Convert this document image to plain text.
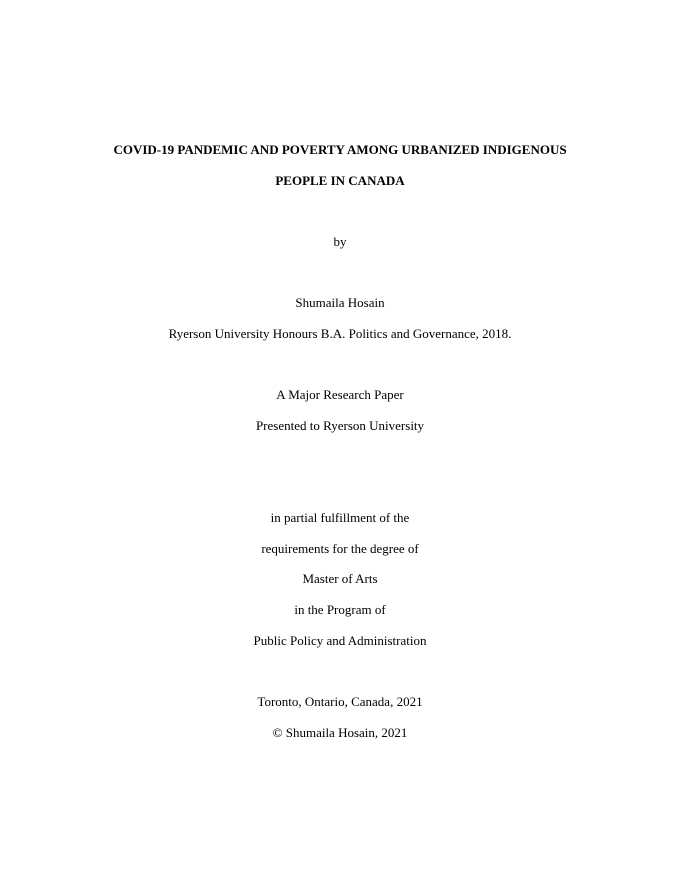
COVID-19 PANDEMIC AND POVERTY AMONG URBANIZED INDIGENOUS
PEOPLE IN CANADA
by
Shumaila Hosain
Ryerson University Honours B.A. Politics and Governance, 2018.
A Major Research Paper
Presented to Ryerson University
in partial fulfillment of the
requirements for the degree of
Master of Arts
in the Program of
Public Policy and Administration
Toronto, Ontario, Canada, 2021
© Shumaila Hosain, 2021
